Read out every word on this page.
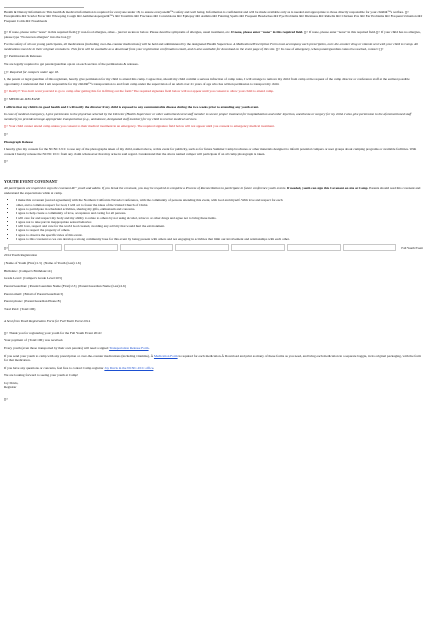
Health & Dietary Information: This health & medical information is required for everyone under 18, to ensure everyoneâ€™s safety and well being. Information is confidential and will be made available only as is needed and appropriate to those directly responsible for your childâ€™s welfare. []> Encephalitis â€¢ Scarlet Fever â€¢ Whooping Cough â€¢ Asthma/Aspergerâ€™s â€¢ Tonsilitis â€¢ Fractures â€¢ Convulsions â€¢ Epilepsy â€¢ Asthma â€¢ Fainting Spells â€¢ Frequent Headaches â€¢ Eye Problems â€¢ Dizziness â€¢ Rubella â€¢ Chicken Pox â€¢ Ear Problems â€¢ Frequent Urination â€¢ Frequent Colds â€¢ Nosebleeds

[]> If none, please write "none" in this required field.[]> non-food allergies, other... just let us know below. Please describe symptoms of allergies, usual treatment, etc. If none, please enter "none" in this required field. []> If none, please enter "none" in this required field.[]> If your child has no allergies, please type "No known allergies" into the box.[]>

For the safety of all our young participants, all medications (including over-the-counter medications) will be held and administered by the designated Health Supervisor. A Medication/Prescription Form must accompany each prescription, over-the-counter drug or vitamin sent with your child to Camp. All medications must be in their original containers. This form will be available as a download from your registration confirmation email, and is also available for download on the event page of this site. []> In case of emergency, when parent/guardian cannot be reached, contact: []>

[]> Permissions & Releases

We are legally required to get parent/guardian opt-in on each section of the permissions & releases.

[]> Required for campers under age 18.

I, the parent or legal guardian of this registrant, hereby give permission for my child to attend this camp. I agree that, should my child commit a serious infraction of camp rules, I will arrange to remove my child from camp at the request of the camp director or conference staff at the earliest possible opportunity. I understand that I am responsible for my childâ€™s transportation to and from camp under the supervision of an adult over 21 years of age who has written permission to transport my child.

[]> Really?! You don't want your kid to go to camp after getting this far in filling out the form? The required signature field below will not appear until you consent to allow your child to attend camp.

[]> MEDICAL RELEASE

I affirm that my child is in good health and I will notify the director if my child is exposed to any communicable disease during the two weeks prior to attending any youth event.

In case of medical emergency, I give permission to the physician selected by the Director (Health Supervisor or other authorized event staff member to secure proper treatment for hospitalization and order injection, anesthesia or surgery for my child. I also give permission to the aforementioned staff member(s) to provide/arrange appropriate transportation (e.g., ambulance, designated staff member) for my child to receive medical services.

[]> Your child cannot attend camp unless you consent to their medical treatment in an emergency. The required signature field below will not appear until you consent to emergency medical treatment.

[]>

Photograph Release

I hereby give my consent for the NCNC UCC to use any of the photographs taken of my child, named above, at this event for publicity, such as for future Summer Camp brochures or other materials designed to inform potential campers or user groups about camping programs or available facilities. With consent I hereby release the NCNC UCC from any claim whatsoever that may arise in said regard. I understand that the above named camper will participate if on all camp photograph is taken.

[]>

YOUTH EVENT COVENANT

All participants are required to sign the covenant â€” youth and adults. If you break the covenant, you may be required to complete a Process of Reconciliation to participate in future conference youth events. If needed, youth can sign this Covenant on site at Camp. Parents should read this covenant and understand the expectations while at camp.

• I make this covenant (sacred agreement) with the Northern California Nevada Conference, with the community of persons attending this event, with God and myself. With love and respect for each
• other, and a common respect for God, I will act to foster the ideas of the United Church of Christ.
• I agree to participate in scheduled activities, sharing my gifts, enthusiasm and concerns.
• I agree to help create a community of love, acceptance and caring for all persons.
• I will care for and respect my body and my ability to relate to others by not using alcohol, tobacco or other drugs and agree not to bring these items.
• I agree not to take part in inappropriate sexual behavior.
• I will love, respect and care for the world God created, avoiding any activity that would hurt the environment.
• I agree to respect the property of others.
• I agree to observe the specific rules of this event.
• I agree to this covenant so we can develop a strong community base for this event by being present with others and not engaging in activities that limit our involvement and relationships with each other.
[]>	Fall Youth Event

2014 Youth Registration

{Name of Youth (First):1.3} {Name of Youth (Last):1.6}

Birthdate: {Camper's Birthdate:14}

Grade Level: {Camper's Grade Level:103}

Parent/Guardian: {Parent/Guardian Name (First):2.3} {Parent/Guardian Name (Last):2.6}

Parent email: {Email of Parent/Guardian:3}

Parent phone: {Parent/Guardian Phone:8}

Total Paid: {Total:106}

A Sent from Youth Registration Form for Fall Youth Event 2014

[]> Thank you for registering your youth for the Fall Youth Event 2014!

Your payment of {Total:106} was received.

Every youth (even those transported by their own parents) will need a signed Transportation Release Form.

If you send your youth to camp with any prescription or over-the-counter medications (including vitamins), Â Medication Form is required for each medication.Â Download and print as many of these forms as you need, and bring each medication in a separate baggie, in its original packaging, with the form for that medication.

If you have any questions or concerns, feel free to contact Camp registrar Joy Davis in the NCNC-UCC office.

We are looking forward to seeing your youth at Camp!

Joy Davis,
Registrar

[]>
